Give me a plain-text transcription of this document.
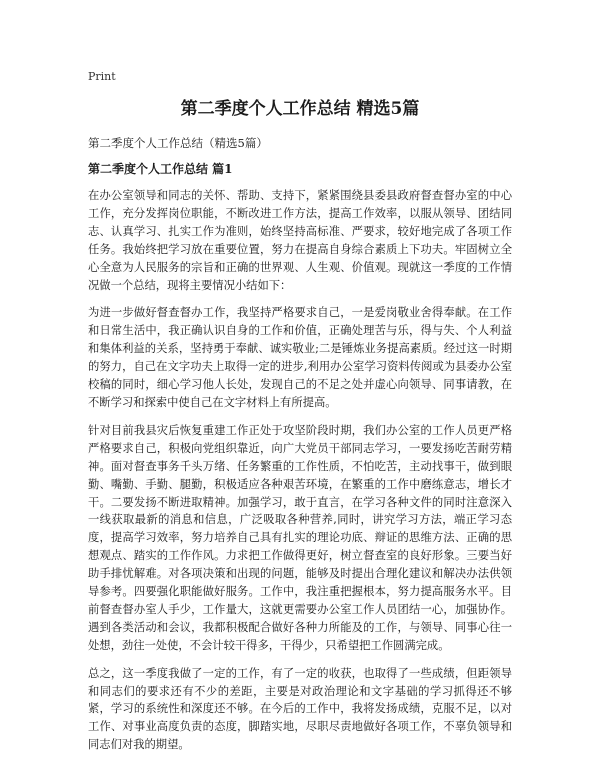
Print
第二季度个人工作总结 精选5篇
第二季度个人工作总结（精选5篇）
第二季度个人工作总结 篇1

在办公室领导和同志的关怀、帮助、支持下，紧紧围绕县委县政府督查督办室的中心工作，充分发挥岗位职能，不断改进工作方法，提高工作效率，以服从领导、团结同志、认真学习、扎实工作为准则，始终坚持高标准、严要求，较好地完成了各项工作任务。我始终把学习放在重要位置，努力在提高自身综合素质上下功夫。牢固树立全心全意为人民服务的宗旨和正确的世界观、人生观、价值观。现就这一季度的工作情况做一个总结，现将主要情况小结如下：

为进一步做好督查督办工作，我坚持严格要求自己，一是爱岗敬业舍得奉献。在工作和日常生活中，我正确认识自身的工作和价值，正确处理苦与乐，得与失、个人利益和集体利益的关系，坚持勇于奉献、诚实敬业;二是锤炼业务提高素质。经过这一时期的努力，自己在文字功夫上取得一定的进步,利用办公室学习资料传阅或为县委办公室校稿的同时，细心学习他人长处，发现自己的不足之处并虚心向领导、同事请教，在不断学习和探索中使自己在文字材料上有所提高。

针对目前我县灾后恢复重建工作正处于攻坚阶段时期，我们办公室的工作人员更严格严格要求自己，积极向党组织靠近，向广大党员干部同志学习，一要发扬吃苦耐劳精神。面对督查事务千头万绪、任务繁重的工作性质，不怕吃苦，主动找事干，做到眼勤、嘴勤、手勤、腿勤，积极适应各种艰苦环境，在繁重的工作中磨练意志，增长才干。二要发扬不断进取精神。加强学习，敢于直言，在学习各种文件的同时注意深入一线获取最新的消息和信息，广泛吸取各种营养,同时，讲究学习方法，端正学习态度，提高学习效率，努力培养自己具有扎实的理论功底、辩证的思维方法、正确的思想观点、踏实的工作作风。力求把工作做得更好，树立督查室的良好形象。三要当好助手排忧解难。对各项决策和出现的问题，能够及时提出合理化建议和解决办法供领导参考。四要强化职能做好服务。工作中，我注重把握根本，努力提高服务水平。目前督查督办室人手少，工作量大，这就更需要办公室工作人员团结一心，加强协作。遇到各类活动和会议，我都积极配合做好各种力所能及的工作，与领导、同事心往一处想，劲往一处使，不会计较干得多，干得少，只希望把工作圆满完成。

总之，这一季度我做了一定的工作，有了一定的收获，也取得了一些成绩，但距领导和同志们的要求还有不少的差距，主要是对政治理论和文字基础的学习抓得还不够紧，学习的系统性和深度还不够。在今后的工作中，我将发扬成绩，克服不足，以对工作、对事业高度负责的态度，脚踏实地，尽职尽责地做好各项工作，不辜负领导和同志们对我的期望。
